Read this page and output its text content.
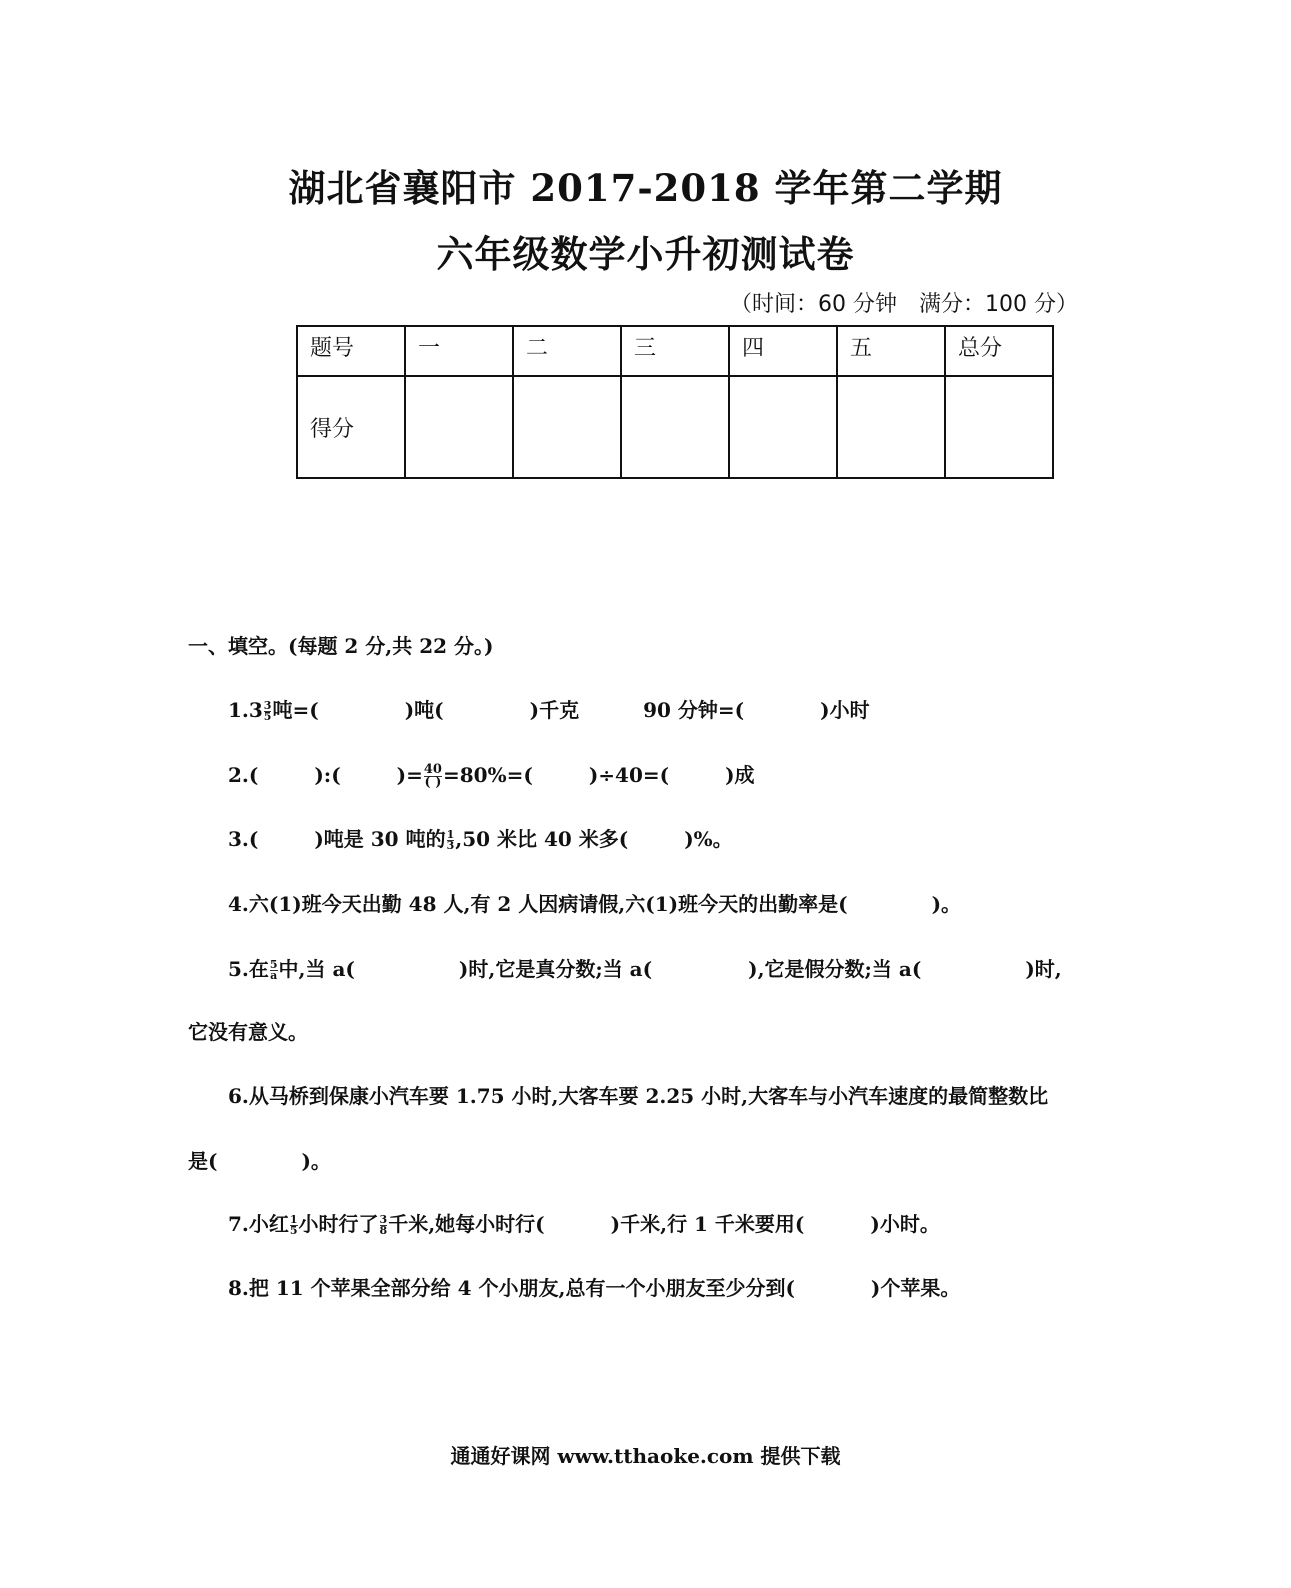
湖北省襄阳市 2017-2018 学年第二学期
六年级数学小升初测试卷
（时间：60 分钟　满分：100 分）
题号	一	二	三	四	五	总分
得分						
一、填空。(每题 2 分,共 22 分。)
$1.3 \frac{3}{5}$ 吨=(	)吨(	)千克	90 分钟=(	)小时
2.(	):(	)= $\frac{40}{( )} =80\%=$(	)÷40=(	)成
3.(	)吨是 30 吨的 $\frac{1}{3} ,50$ 米比 40 米多(	)%。
4.六(1)班今天出勤 48 人,有 2 人因病请假,六(1)班今天的出勤率是(	)。
5.在 $\frac{5}{a}$ 中,当 a(	)时,它是真分数;当 a(	),它是假分数;当 a(	)时,
它没有意义。
6.从马桥到保康小汽车要 1.75 小时,大客车要 2.25 小时,大客车与小汽车速度的最简整数比
是(	)。
7.小红 $\frac{1}{5}$ 小时行了 $\frac{3}{8}$ 千米,她每小时行(	)千米,行 1 千米要用(	)小时。
8.把 11 个苹果全部分给 4 个小朋友,总有一个小朋友至少分到(	)个苹果。
通通好课网 www.tthaoke.com 提供下载
